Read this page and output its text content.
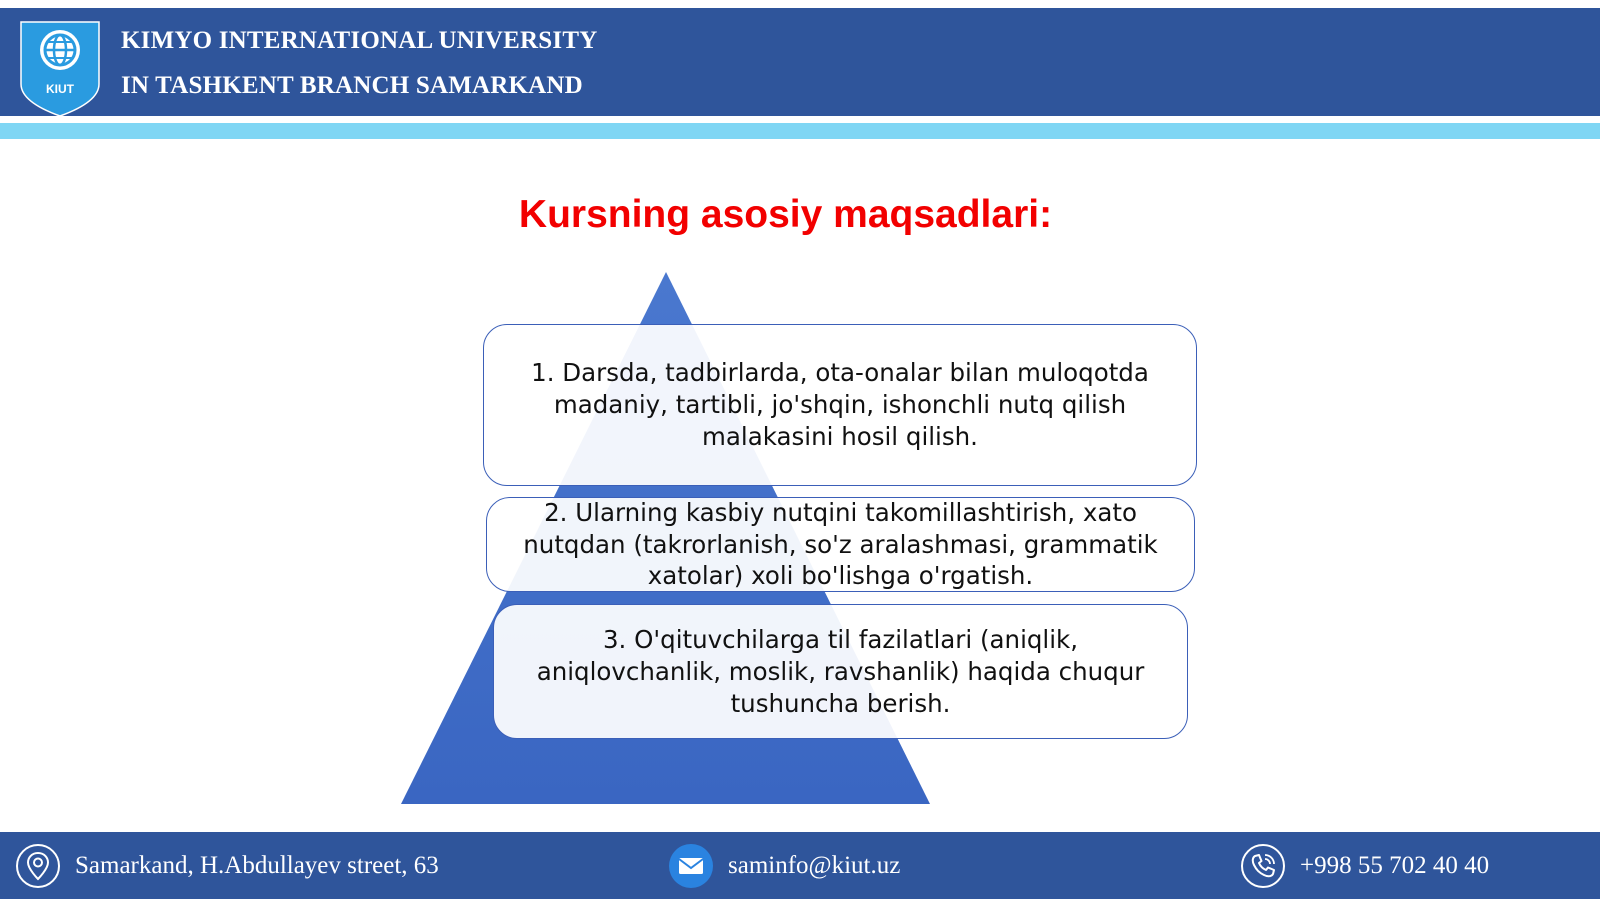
KIUT
KIMYO INTERNATIONAL UNIVERSITY
IN TASHKENT BRANCH SAMARKAND
Kursning asosiy maqsadlari:
1. Darsda, tadbirlarda, ota-onalar bilan muloqotda madaniy, tartibli, jo'shqin, ishonchli nutq qilish malakasini hosil qilish.
2. Ularning kasbiy nutqini takomillashtirish, xato nutqdan (takrorlanish, so'z aralashmasi, grammatik xatolar) xoli bo'lishga o'rgatish.
3. O'qituvchilarga til fazilatlari (aniqlik, aniqlovchanlik, moslik, ravshanlik) haqida chuqur tushuncha berish.
Samarkand, H.Abdullayev street, 63	saminfo@kiut.uz	+998 55 702 40 40
